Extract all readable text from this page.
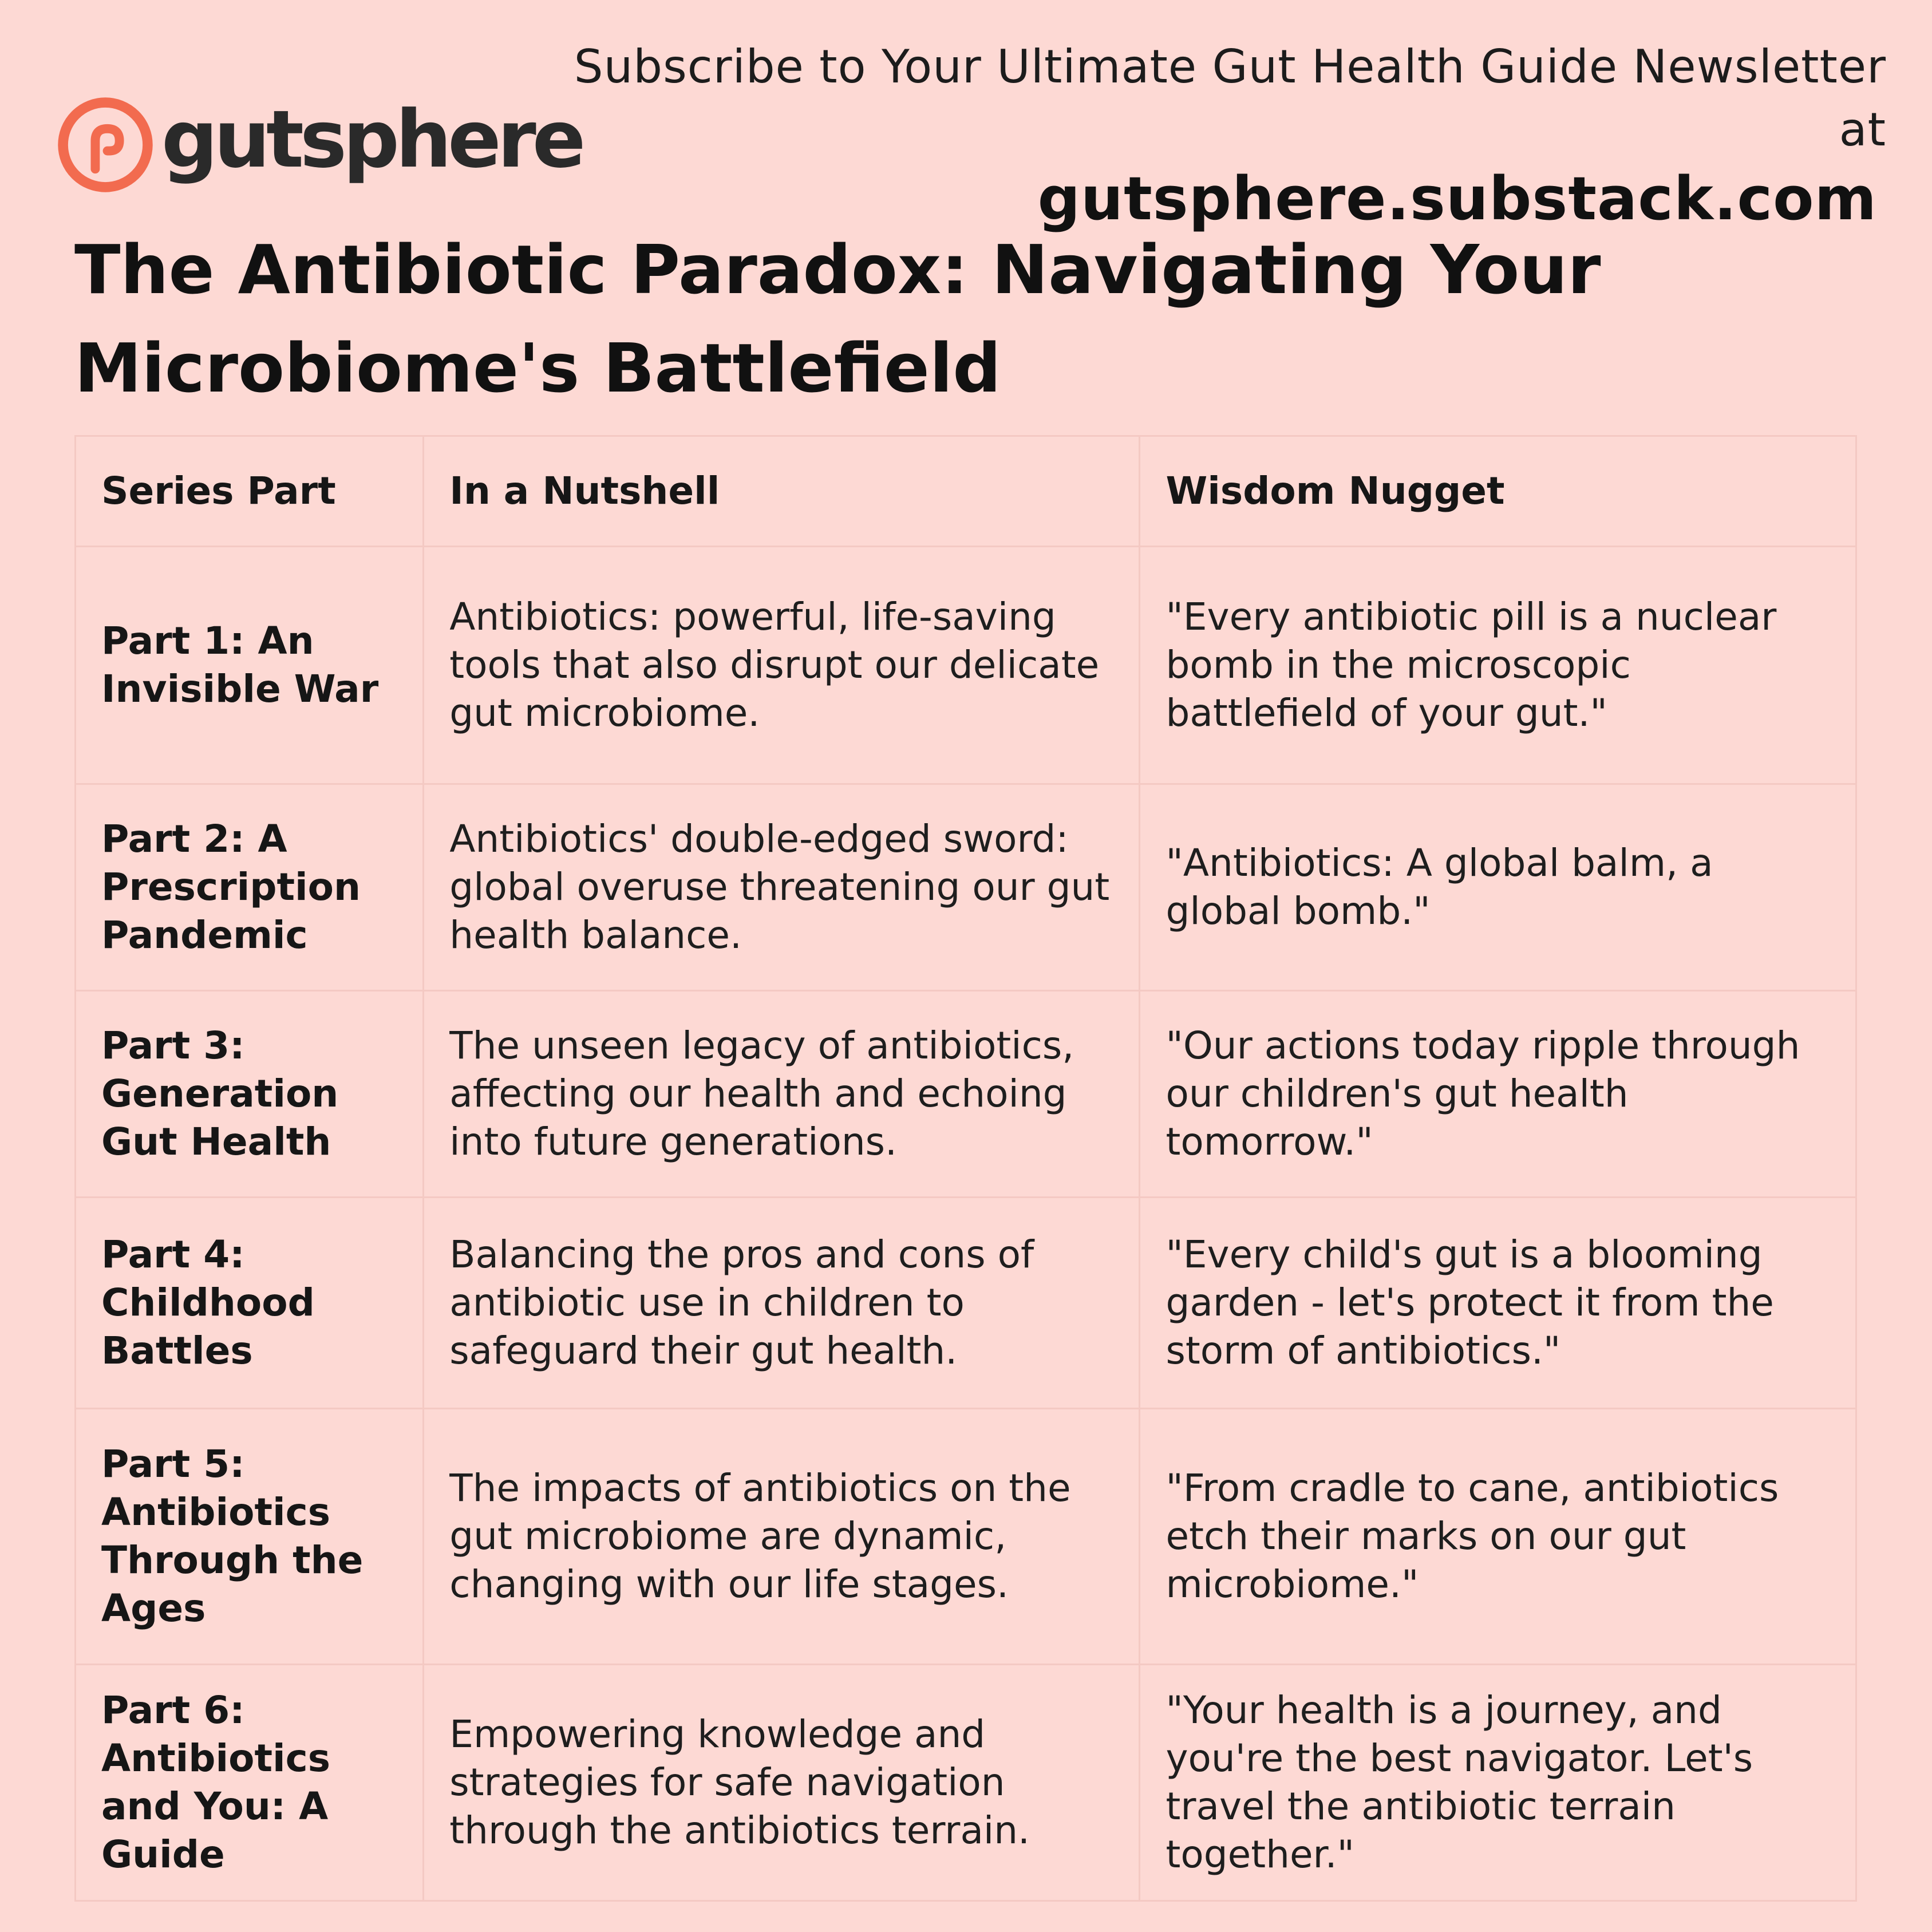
gutsphere
Subscribe to Your Ultimate Gut Health Guide Newsletter at
gutsphere.substack.com
The Antibiotic Paradox: Navigating Your Microbiome's Battlefield
Series Part	In a Nutshell	Wisdom Nugget
Part 1: An Invisible War	Antibiotics: powerful, life-saving tools that also disrupt our delicate gut microbiome.	"Every antibiotic pill is a nuclear bomb in the microscopic battlefield of your gut."
Part 2: A Prescription Pandemic	Antibiotics' double-edged sword: global overuse threatening our gut health balance.	"Antibiotics: A global balm, a global bomb."
Part 3: Generation Gut Health	The unseen legacy of antibiotics, affecting our health and echoing into future generations.	"Our actions today ripple through our children's gut health tomorrow."
Part 4: Childhood Battles	Balancing the pros and cons of antibiotic use in children to safeguard their gut health.	"Every child's gut is a blooming garden - let's protect it from the storm of antibiotics."
Part 5: Antibiotics Through the Ages	The impacts of antibiotics on the gut microbiome are dynamic, changing with our life stages.	"From cradle to cane, antibiotics etch their marks on our gut microbiome."
Part 6: Antibiotics and You: A Guide	Empowering knowledge and strategies for safe navigation through the antibiotics terrain.	"Your health is a journey, and you're the best navigator. Let's travel the antibiotic terrain together."
